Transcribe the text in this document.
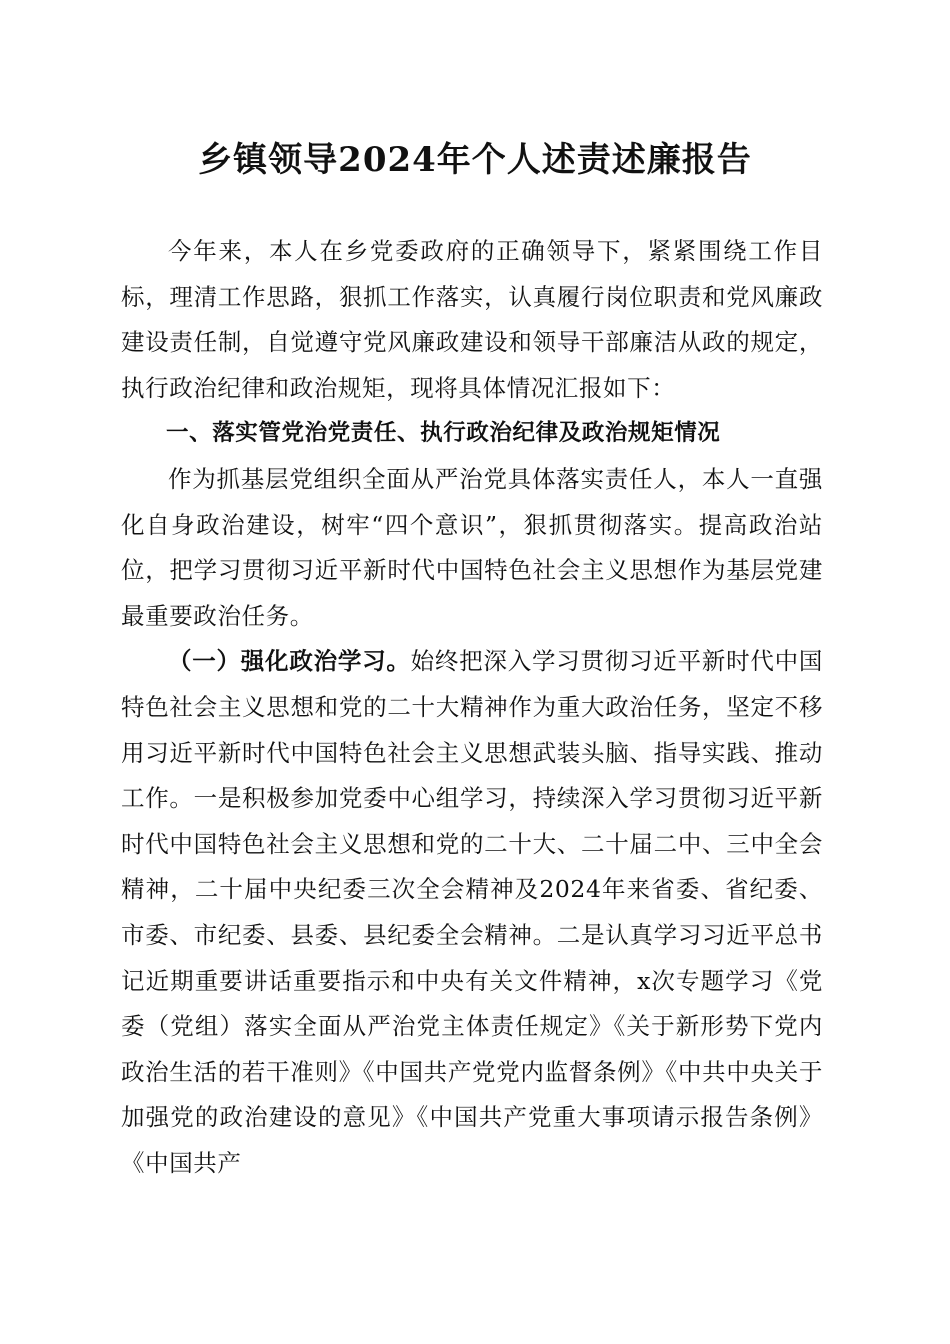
乡镇领导2024年个人述责述廉报告

今年来，本人在乡党委政府的正确领导下，紧紧围绕工作目标，理清工作思路，狠抓工作落实，认真履行岗位职责和党风廉政建设责任制，自觉遵守党风廉政建设和领导干部廉洁从政的规定，执行政治纪律和政治规矩，现将具体情况汇报如下：

一、落实管党治党责任、执行政治纪律及政治规矩情况

作为抓基层党组织全面从严治党具体落实责任人，本人一直强化自身政治建设，树牢“四个意识”，狠抓贯彻落实。提高政治站位，把学习贯彻习近平新时代中国特色社会主义思想作为基层党建最重要政治任务。

（一）强化政治学习。始终把深入学习贯彻习近平新时代中国特色社会主义思想和党的二十大精神作为重大政治任务，坚定不移用习近平新时代中国特色社会主义思想武装头脑、指导实践、推动工作。一是积极参加党委中心组学习，持续深入学习贯彻习近平新时代中国特色社会主义思想和党的二十大、二十届二中、三中全会精神，二十届中央纪委三次全会精神及2024年来省委、省纪委、市委、市纪委、县委、县纪委全会精神。二是认真学习习近平总书记近期重要讲话重要指示和中央有关文件精神，x次专题学习《党委（党组）落实全面从严治党主体责任规定》《关于新形势下党内政治生活的若干准则》《中国共产党党内监督条例》《中共中央关于加强党的政治建设的意见》《中国共产党重大事项请示报告条例》《中国共产
